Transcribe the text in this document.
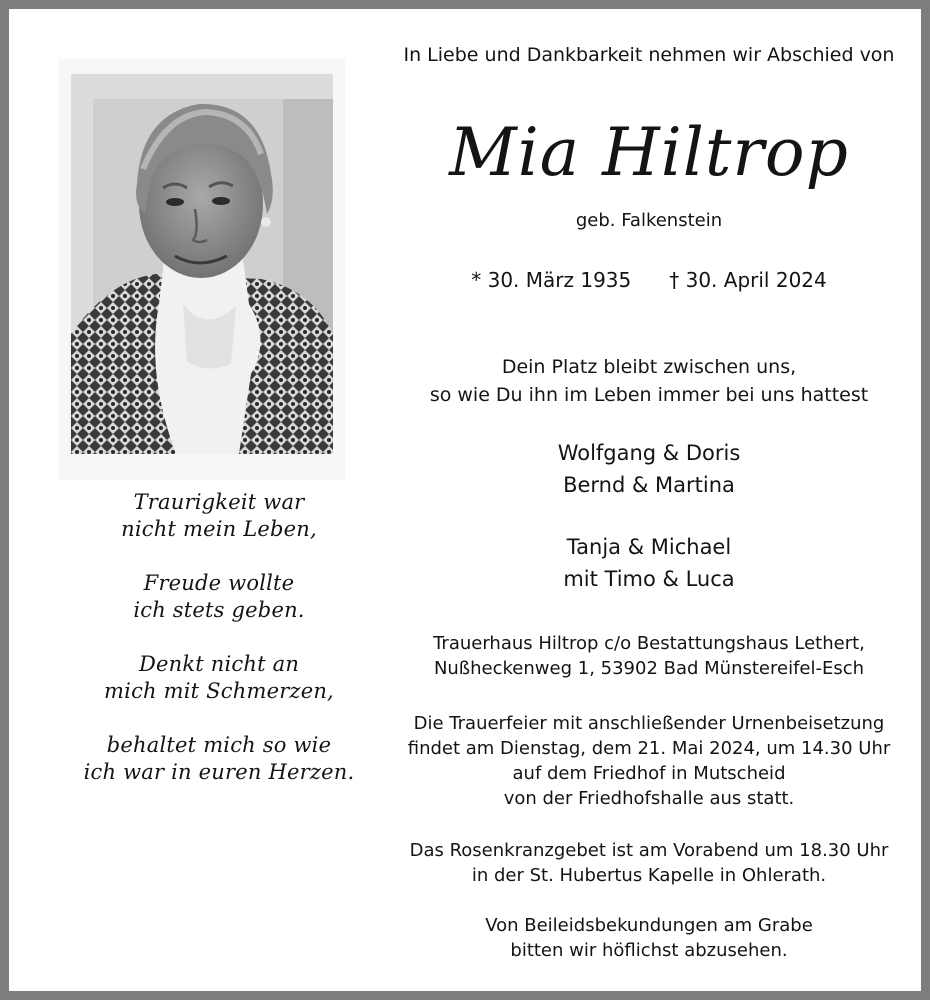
Traurigkeit war
nicht mein Leben,
Freude wollte
ich stets geben.
Denkt nicht an
mich mit Schmerzen,
behaltet mich so wie
ich war in euren Herzen.
In Liebe und Dankbarkeit nehmen wir Abschied von
Mia Hiltrop
geb. Falkenstein
* 30. März 1935 † 30. April 2024
Dein Platz bleibt zwischen uns,
so wie Du ihn im Leben immer bei uns hattest
Wolfgang & Doris
Bernd & Martina
Tanja & Michael
mit Timo & Luca
Trauerhaus Hiltrop c/o Bestattungshaus Lethert,
Nußheckenweg 1, 53902 Bad Münstereifel-Esch
Die Trauerfeier mit anschließender Urnenbeisetzung
findet am Dienstag, dem 21. Mai 2024, um 14.30 Uhr
auf dem Friedhof in Mutscheid
von der Friedhofshalle aus statt.
Das Rosenkranzgebet ist am Vorabend um 18.30 Uhr
in der St. Hubertus Kapelle in Ohlerath.
Von Beileidsbekundungen am Grabe
bitten wir höflichst abzusehen.
